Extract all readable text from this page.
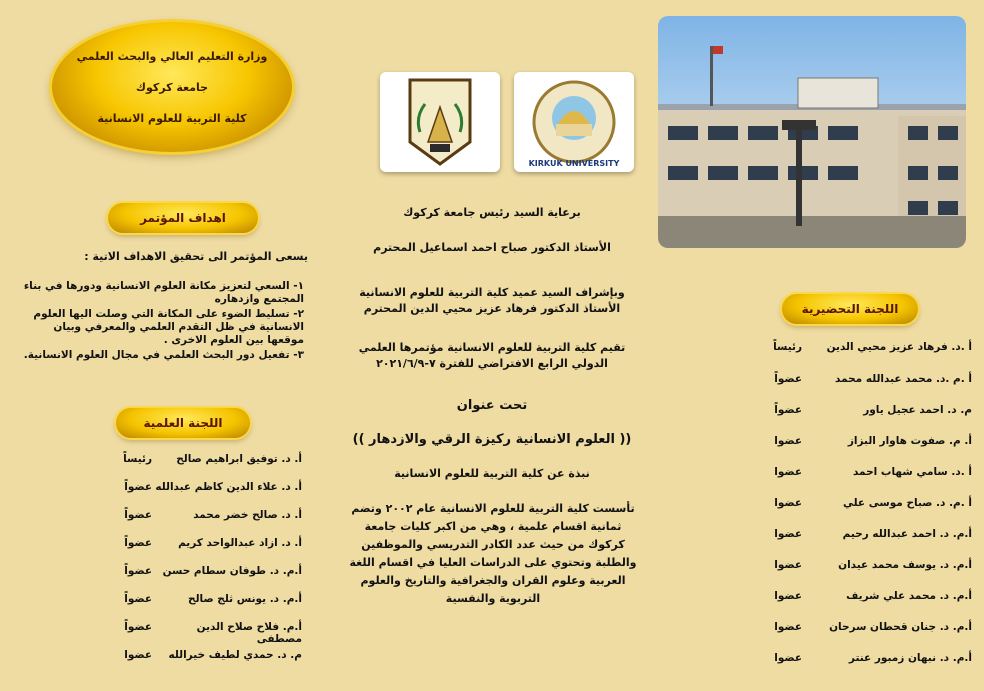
وزارة التعليم العالي والبحث العلمي
جامعة كركوك
كلية التربية للعلوم الانسانية
اهداف المؤتمر
يسعى المؤتمر الى تحقيق الاهداف الاتية :
١- السعي لتعزيز مكانة العلوم الانسانية ودورها في بناء المجتمع وازدهاره
٢- تسليط الضوء على المكانة التي وصلت اليها العلوم الانسانية في ظل التقدم العلمي والمعرفي وبيان موقعها بين العلوم الاخرى .
٣- تفعيل دور البحث العلمي في مجال العلوم الانسانية.
اللجنة العلمية
أ. د. توفيق ابراهيم صالح
رئيساً
أ. د. علاء الدين كاظم عبدالله
عضواً
أ. د. صالح خضر محمد
عضواً
أ. د. ازاد عبدالواحد كريم
عضواً
أ.م. د. طوفان سطام حسن
عضواً
أ.م. د. يونس ثلج صالح
عضواً
أ.م. فلاح صلاح الدين مصطفى
عضواً
م. د. حمدي لطيف خيرالله
عضوا
KIRKUK UNIVERSITY
برعاية السيد رئيس جامعة كركوك
الأستاذ الدكتور صباح احمد اسماعيل المحترم
وبإشراف السيد عميد كلية التربية للعلوم الانسانية
الأستاذ الدكتور فرهاد عزيز محيي الدين المحترم
تقيم كلية التربية للعلوم الانسانية مؤتمرها العلمي الدولي الرابع الافتراضي للفترة ٧-٢٠٢١/٦/٩
تحت عنوان
(( العلوم الانسانية ركيزة الرقي والازدهار ))
نبذة عن كلية التربية للعلوم الانسانية
تأسست كلية التربية للعلوم الانسانية عام ٢٠٠٢ وتضم ثمانية اقسام علمية ، وهي من اكبر كليات جامعة كركوك من حيث عدد الكادر التدريسي والموظفين والطلبة وتحتوي على الدراسات العليا في اقسام اللغة العربية وعلوم القران والجغرافية والتاريخ والعلوم التربوية والنفسية
اللجنة التحضيرية
أ .د. فرهاد عزيز محيي الدين
رئيساً
أ .م .د. محمد عبدالله محمد
عضواً
م. د. احمد عجيل ياور
عضواً
أ. م. صفوت هاوار البزاز
عضوا
أ .د. سامي شهاب احمد
عضوا
أ .م. د. صباح موسى علي
عضوا
أ.م. د. احمد عبدالله رحيم
عضوا
أ.م. د. يوسف محمد عيدان
عضوا
أ.م. د. محمد علي شريف
عضوا
أ.م. د. جنان قحطان سرحان
عضوا
أ.م. د. نبهان زمبور عنتر
عضوا
